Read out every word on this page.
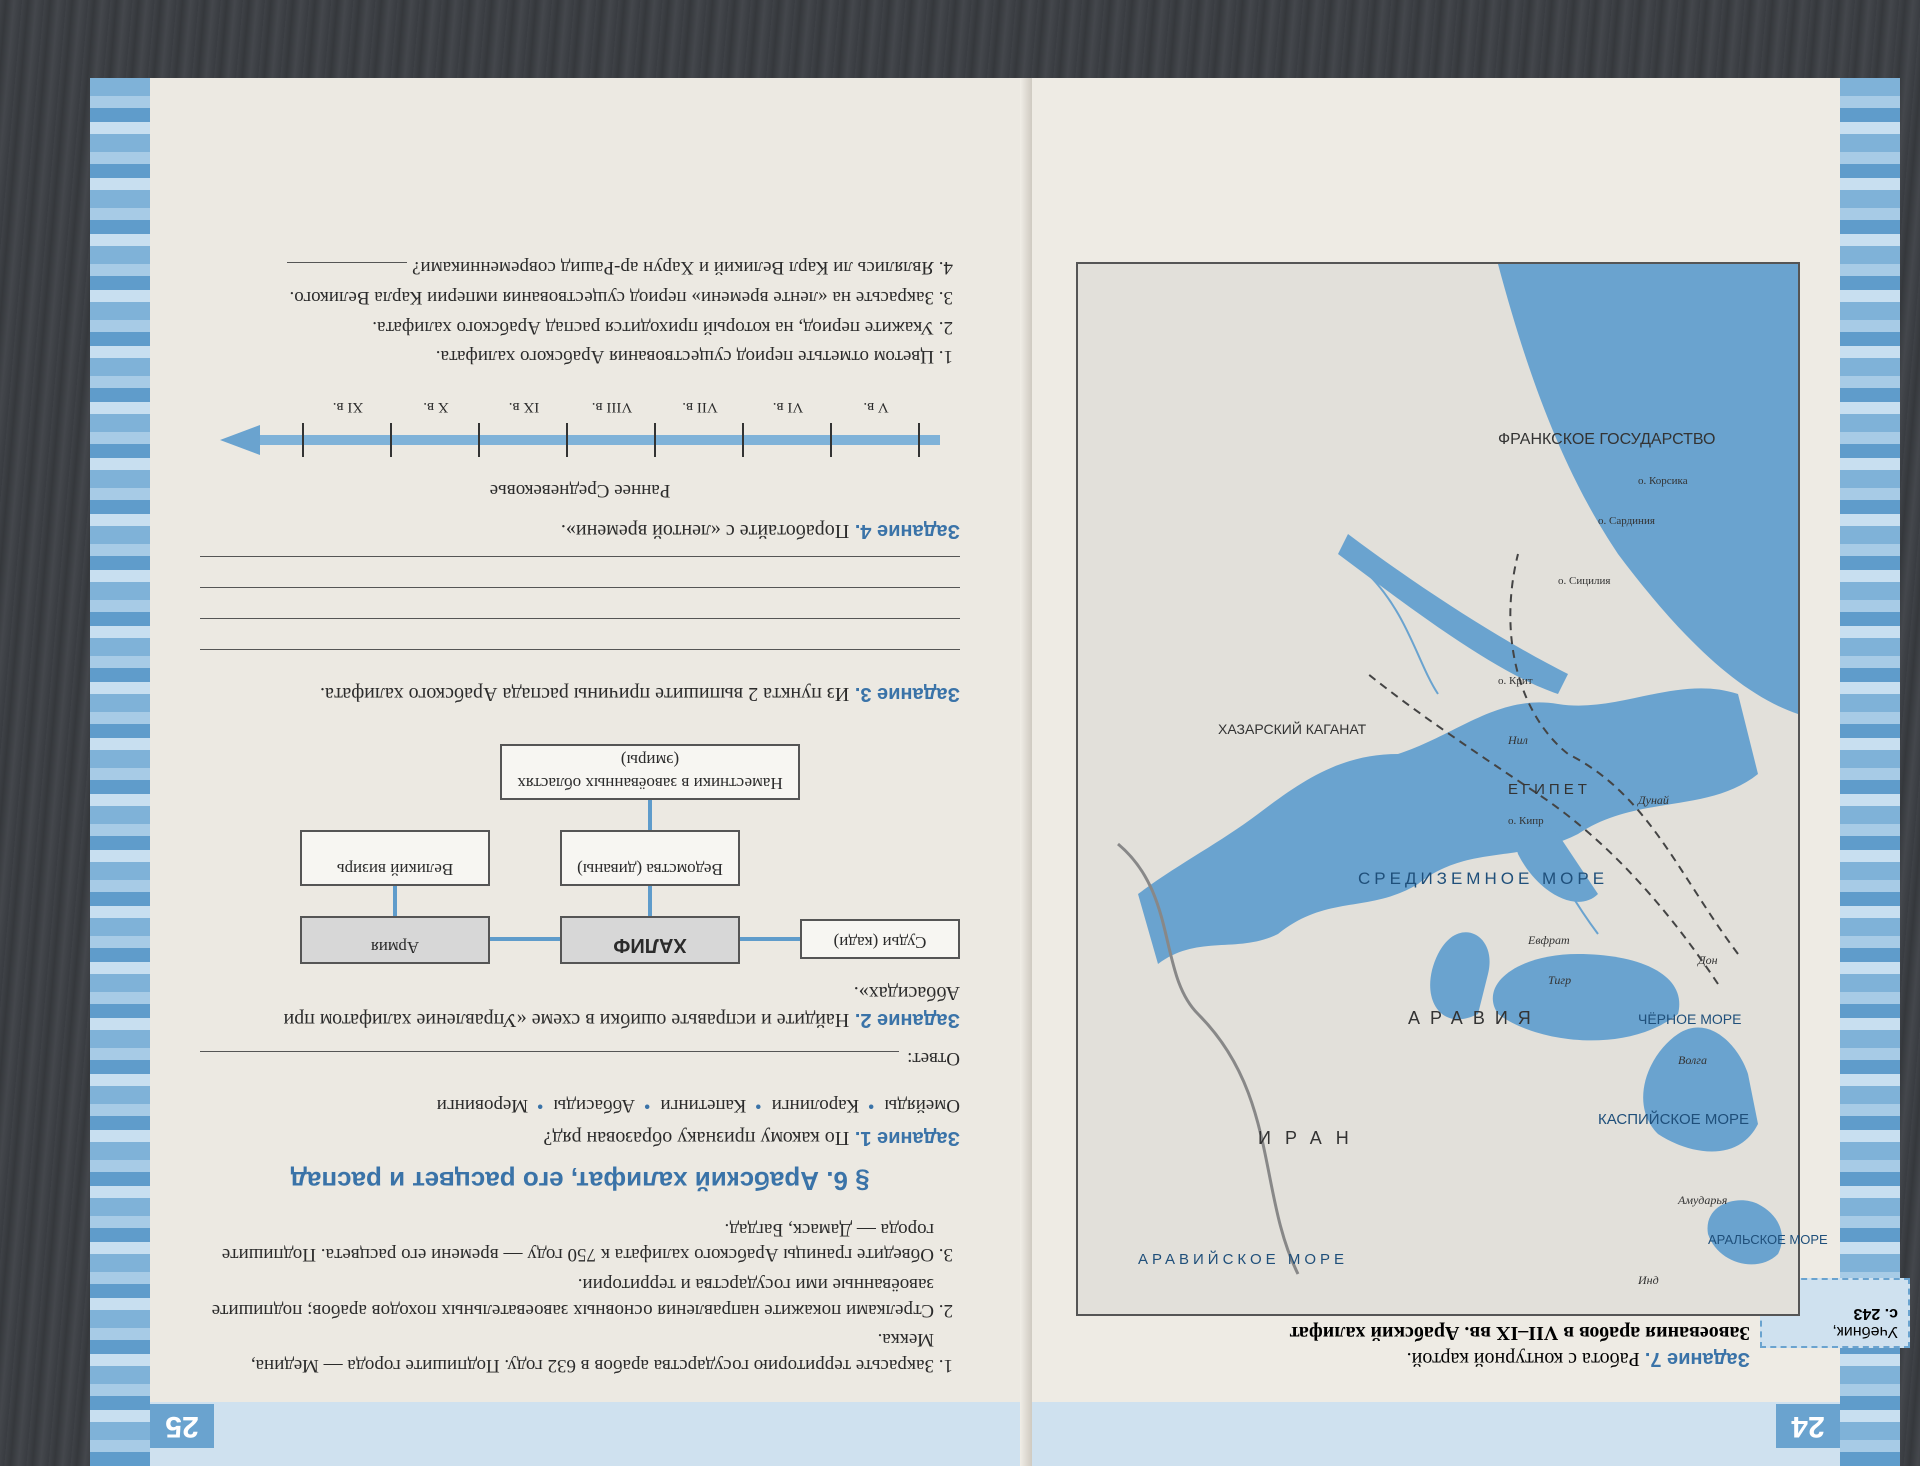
24
Учебник,
с. 243
Задание 7. Работа с контурной картой.
Завоевания арабов в VII–IX вв. Арабский халифат
ФРАНКСКОЕ ГОСУДАРСТВО
ХАЗАРСКИЙ КАГАНАТ
ЧЁРНОЕ МОРЕ
КАСПИЙСКОЕ МОРЕ
АРАЛЬСКОЕ МОРЕ
СРЕДИЗЕМНОЕ МОРЕ
АРАВИЙСКОЕ МОРЕ
ЕГИПЕТ
АРАВИЯ
ИРАН
Нил
Дон
Дунай
Волга
Евфрат
Тигр
Амударья
Инд
о. Корсика
о. Сардиния
о. Сицилия
о. Крит
о. Кипр
25
1. Закрасьте территорию государства арабов в 632 году. Подпишите города — Медина, Мекка.
2. Стрелками покажите направления основных завоевательных походов арабов; подпишите завоёванные ими государства и территории.
3. Обведите границы Арабского халифата к 750 году — времени его расцвета. Подпишите города — Дамаск, Багдад.
§ 6. Арабский халифат, его расцвет и распад
Задание 1. По какому признаку образован ряд?
Омейяды• Каролинги• Капетинги• Аббасиды• Меровинги
Ответ:
Задание 2. Найдите и исправьте ошибки в схеме «Управление халифатом при Аббасидах».
Судьи (кади)
ХАЛИФ
Армия
Ведомства (диваны)
Великий визирь
Наместники в завоёванных областях (эмиры)
Задание 3. Из пункта 2 выпишите причины распада Арабского халифата.
Задание 4. Поработайте с «лентой времени».
Раннее Средневековье
V в.
VI в.
VII в.
VIII в.
IX в.
X в.
XI в.
1. Цветом отметьте период существования Арабского халифата.
2. Укажите период, на который приходится распад Арабского халифата.
3. Закрасьте на «ленте времени» период существования империи Карла Великого.
4. Являлись ли Карл Великий и Харун ар-Рашид современниками?
